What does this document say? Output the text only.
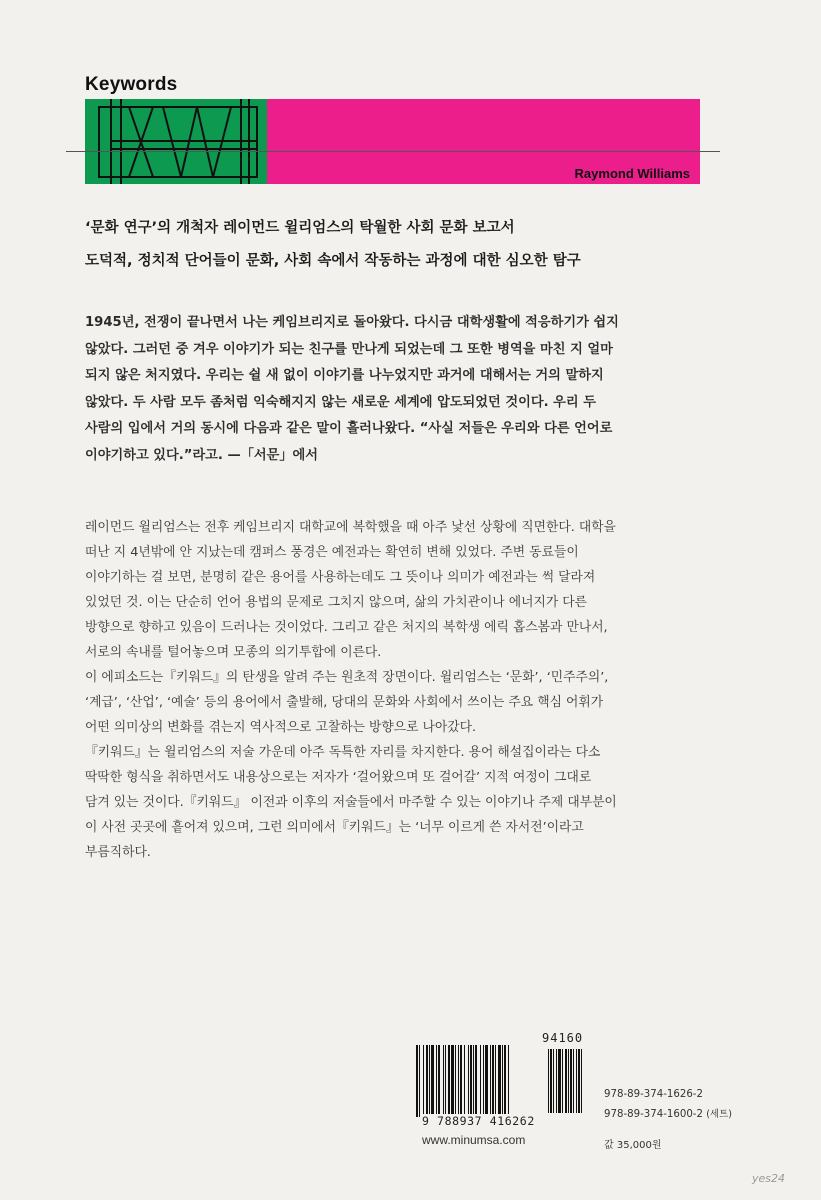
Keywords
Raymond Williams
‘문화 연구’의 개척자 레이먼드 윌리엄스의 탁월한 사회 문화 보고서
도덕적, 정치적 단어들이 문화, 사회 속에서 작동하는 과정에 대한 심오한 탐구
1945년, 전쟁이 끝나면서 나는 케임브리지로 돌아왔다. 다시금 대학생활에 적응하기가 쉽지
않았다. 그러던 중 겨우 이야기가 되는 친구를 만나게 되었는데 그 또한 병역을 마친 지 얼마
되지 않은 처지였다. 우리는 쉴 새 없이 이야기를 나누었지만 과거에 대해서는 거의 말하지
않았다. 두 사람 모두 좀처럼 익숙해지지 않는 새로운 세계에 압도되었던 것이다. 우리 두
사람의 입에서 거의 동시에 다음과 같은 말이 흘러나왔다. “사실 저들은 우리와 다른 언어로
이야기하고 있다.”라고. —「서문」에서
레이먼드 윌리엄스는 전후 케임브리지 대학교에 복학했을 때 아주 낯선 상황에 직면한다. 대학을
떠난 지 4년밖에 안 지났는데 캠퍼스 풍경은 예전과는 확연히 변해 있었다. 주변 동료들이
이야기하는 걸 보면, 분명히 같은 용어를 사용하는데도 그 뜻이나 의미가 예전과는 썩 달라져
있었던 것. 이는 단순히 언어 용법의 문제로 그치지 않으며, 삶의 가치관이나 에너지가 다른
방향으로 향하고 있음이 드러나는 것이었다. 그리고 같은 처지의 복학생 에릭 홉스봄과 만나서,
서로의 속내를 털어놓으며 모종의 의기투합에 이른다.
이 에피소드는『키워드』의 탄생을 알려 주는 원초적 장면이다. 윌리엄스는 ‘문화’, ‘민주주의’,
‘계급’, ‘산업’, ‘예술’ 등의 용어에서 출발해, 당대의 문화와 사회에서 쓰이는 주요 핵심 어휘가
어떤 의미상의 변화를 겪는지 역사적으로 고찰하는 방향으로 나아갔다.
『키워드』는 윌리엄스의 저술 가운데 아주 독특한 자리를 차지한다. 용어 해설집이라는 다소
딱딱한 형식을 취하면서도 내용상으로는 저자가 ‘걸어왔으며 또 걸어갈’ 지적 여정이 그대로
담겨 있는 것이다.『키워드』 이전과 이후의 저술들에서 마주할 수 있는 이야기나 주제 대부분이
이 사전 곳곳에 흩어져 있으며, 그런 의미에서『키워드』는 ‘너무 이르게 쓴 자서전’이라고
부름직하다.
94160
9 788937 416262
978-89-374-1626-2
978-89-374-1600-2 (세트)
www.minumsa.com	값 35,000원
yes24
